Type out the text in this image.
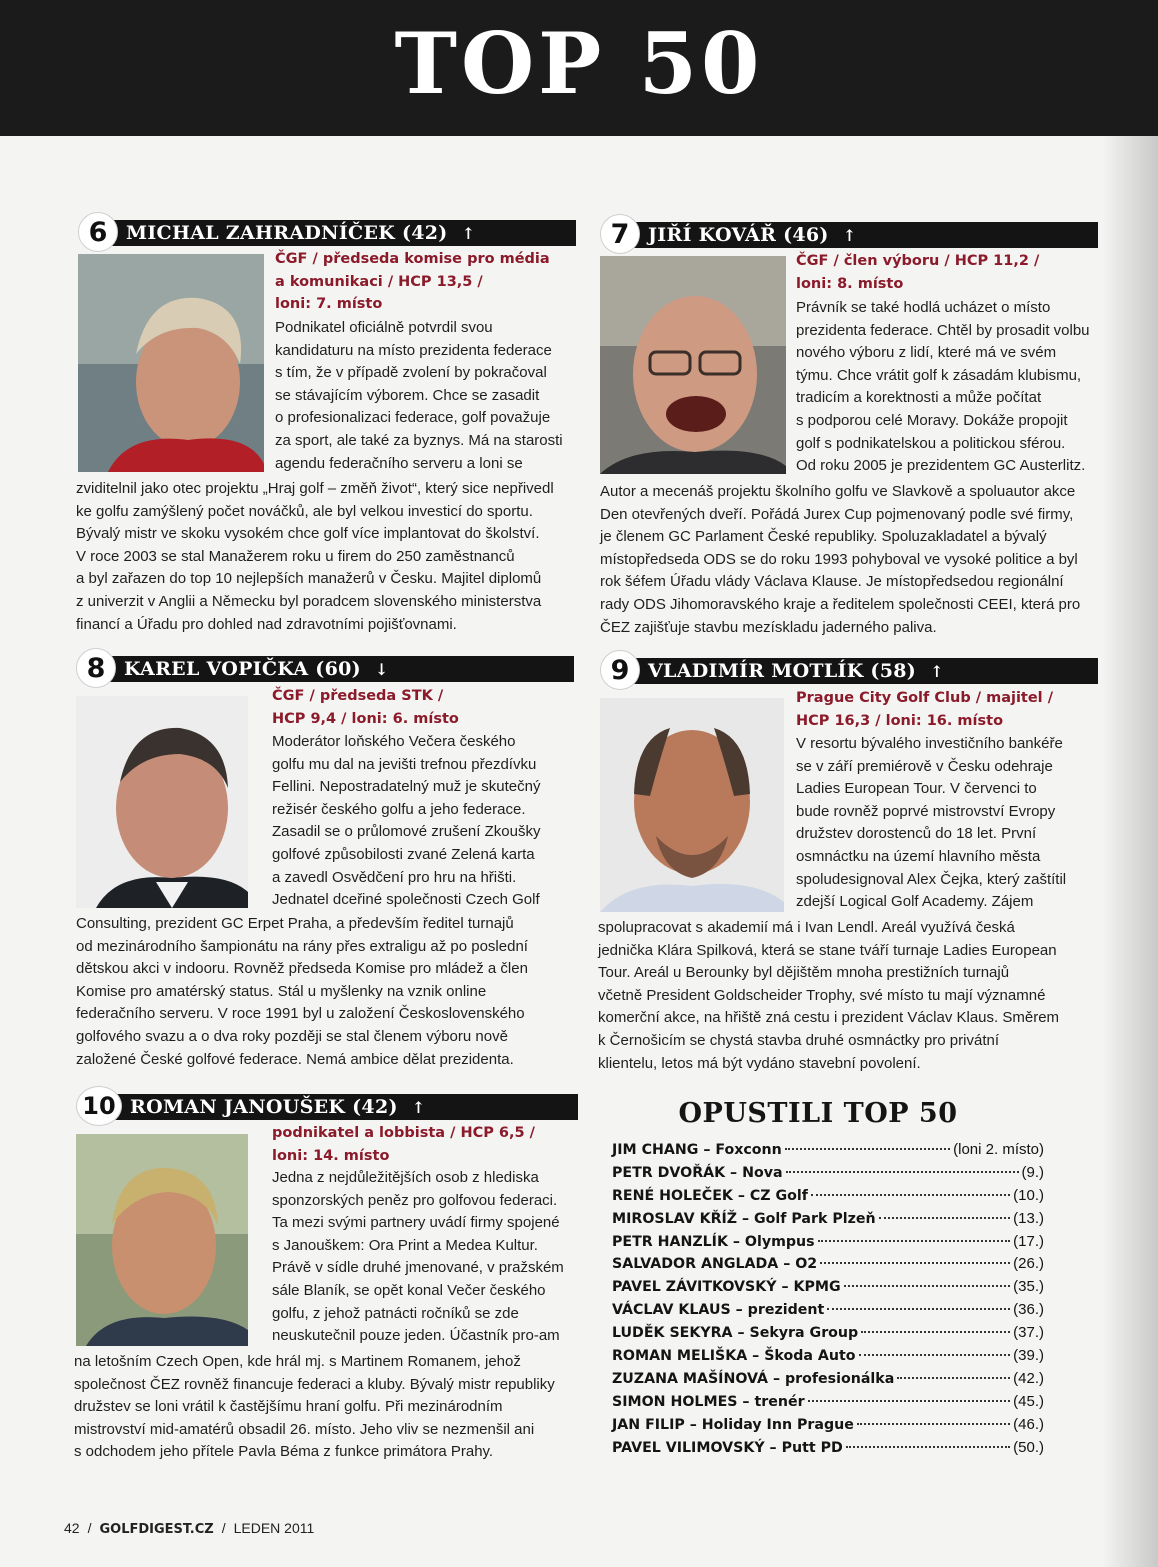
TOP 50
6 MICHAL ZAHRADNÍČEK (42) ↑

ČGF / předseda komise pro média

a komunikaci / HCP 13,5 /

loni: 7. místo

Podnikatel oficiálně potvrdil svou

kandidaturu na místo prezidenta federace

s tím, že v případě zvolení by pokračoval

se stávajícím výborem. Chce se zasadit

o profesionalizaci federace, golf považuje

za sport, ale také za byznys. Má na starosti

agendu federačního serveru a loni se

zviditelnil jako otec projektu „Hraj golf – změň život“, který sice nepřivedl

ke golfu zamýšlený počet nováčků, ale byl velkou investicí do sportu.

Bývalý mistr ve skoku vysokém chce golf více implantovat do školství.

V roce 2003 se stal Manažerem roku u firem do 250 zaměstnanců

a byl zařazen do top 10 nejlepších manažerů v Česku. Majitel diplomů

z univerzit v Anglii a Německu byl poradcem slovenského ministerstva

financí a Úřadu pro dohled nad zdravotními pojišťovnami.

7 JIŘÍ KOVÁŘ (46) ↑

ČGF / člen výboru / HCP 11,2 /

loni: 8. místo

Právník se také hodlá ucházet o místo

prezidenta federace. Chtěl by prosadit volbu

nového výboru z lidí, které má ve svém

týmu. Chce vrátit golf k zásadám klubismu,

tradicím a korektnosti a může počítat

s podporou celé Moravy. Dokáže propojit

golf s podnikatelskou a politickou sférou.

Od roku 2005 je prezidentem GC Austerlitz.

Autor a mecenáš projektu školního golfu ve Slavkově a spoluautor akce

Den otevřených dveří. Pořádá Jurex Cup pojmenovaný podle své firmy,

je členem GC Parlament České republiky. Spoluzakladatel a bývalý

místopředseda ODS se do roku 1993 pohyboval ve vysoké politice a byl

rok šéfem Úřadu vlády Václava Klause. Je místopředsedou regionální

rady ODS Jihomoravského kraje a ředitelem společnosti CEEI, která pro

ČEZ zajišťuje stavbu mezískladu jaderného paliva.

8 KAREL VOPIČKA (60) ↓

ČGF / předseda STK /

HCP 9,4 / loni: 6. místo

Moderátor loňského Večera českého

golfu mu dal na jevišti trefnou přezdívku

Fellini. Nepostradatelný muž je skutečný

režisér českého golfu a jeho federace.

Zasadil se o průlomové zrušení Zkoušky

golfové způsobilosti zvané Zelená karta

a zavedl Osvědčení pro hru na hřišti.

Jednatel dceřiné společnosti Czech Golf

Consulting, prezident GC Erpet Praha, a především ředitel turnajů

od mezinárodního šampionátu na rány přes extraligu až po poslední

dětskou akci v indooru. Rovněž předseda Komise pro mládež a člen

Komise pro amatérský status. Stál u myšlenky na vznik online

federačního serveru. V roce 1991 byl u založení Československého

golfového svazu a o dva roky později se stal členem výboru nově

založené České golfové federace. Nemá ambice dělat prezidenta.

9 VLADIMÍR MOTLÍK (58) ↑

Prague City Golf Club / majitel /

HCP 16,3 / loni: 16. místo

V resortu bývalého investičního bankéře

se v září premiérově v Česku odehraje

Ladies European Tour. V červenci to

bude rovněž poprvé mistrovství Evropy

družstev dorostenců do 18 let. První

osmnáctku na území hlavního města

spoludesignoval Alex Čejka, který zaštítil

zdejší Logical Golf Academy. Zájem

spolupracovat s akademií má i Ivan Lendl. Areál využívá česká

jednička Klára Spilková, která se stane tváří turnaje Ladies European

Tour. Areál u Berounky byl dějištěm mnoha prestižních turnajů

včetně President Goldscheider Trophy, své místo tu mají významné

komerční akce, na hřiště zná cestu i prezident Václav Klaus. Směrem

k Černošicím se chystá stavba druhé osmnáctky pro privátní

klientelu, letos má být vydáno stavební povolení.

10 ROMAN JANOUŠEK (42) ↑

podnikatel a lobbista / HCP 6,5 /

loni: 14. místo

Jedna z nejdůležitějších osob z hlediska

sponzorských peněz pro golfovou federaci.

Ta mezi svými partnery uvádí firmy spojené

s Janouškem: Ora Print a Medea Kultur.

Právě v sídle druhé jmenované, v pražském

sále Blaník, se opět konal Večer českého

golfu, z jehož patnácti ročníků se zde

neuskutečnil pouze jeden. Účastník pro-am

na letošním Czech Open, kde hrál mj. s Martinem Romanem, jehož

společnost ČEZ rovněž financuje federaci a kluby. Bývalý mistr republiky

družstev se loni vrátil k častějšímu hraní golfu. Při mezinárodním

mistrovství mid-amatérů obsadil 26. místo. Jeho vliv se nezmenšil ani

s odchodem jeho přítele Pavla Béma z funkce primátora Prahy.

OPUSTILI TOP 50
JIM CHANG – Foxconn	(loni 2. místo)
PETR DVOŘÁK – Nova	(9.)
RENÉ HOLEČEK – CZ Golf	(10.)
MIROSLAV KŘÍŽ – Golf Park Plzeň	(13.)
PETR HANZLÍK – Olympus	(17.)
SALVADOR ANGLADA – O2	(26.)
PAVEL ZÁVITKOVSKÝ – KPMG	(35.)
VÁCLAV KLAUS – prezident	(36.)
LUDĚK SEKYRA – Sekyra Group	(37.)
ROMAN MELIŠKA – Škoda Auto	(39.)
ZUZANA MAŠÍNOVÁ – profesionálka	(42.)
SIMON HOLMES – trenér	(45.)
JAN FILIP – Holiday Inn Prague	(46.)
PAVEL VILIMOVSKÝ – Putt PD	(50.)
42 / GOLFDIGEST.CZ / LEDEN 2011
